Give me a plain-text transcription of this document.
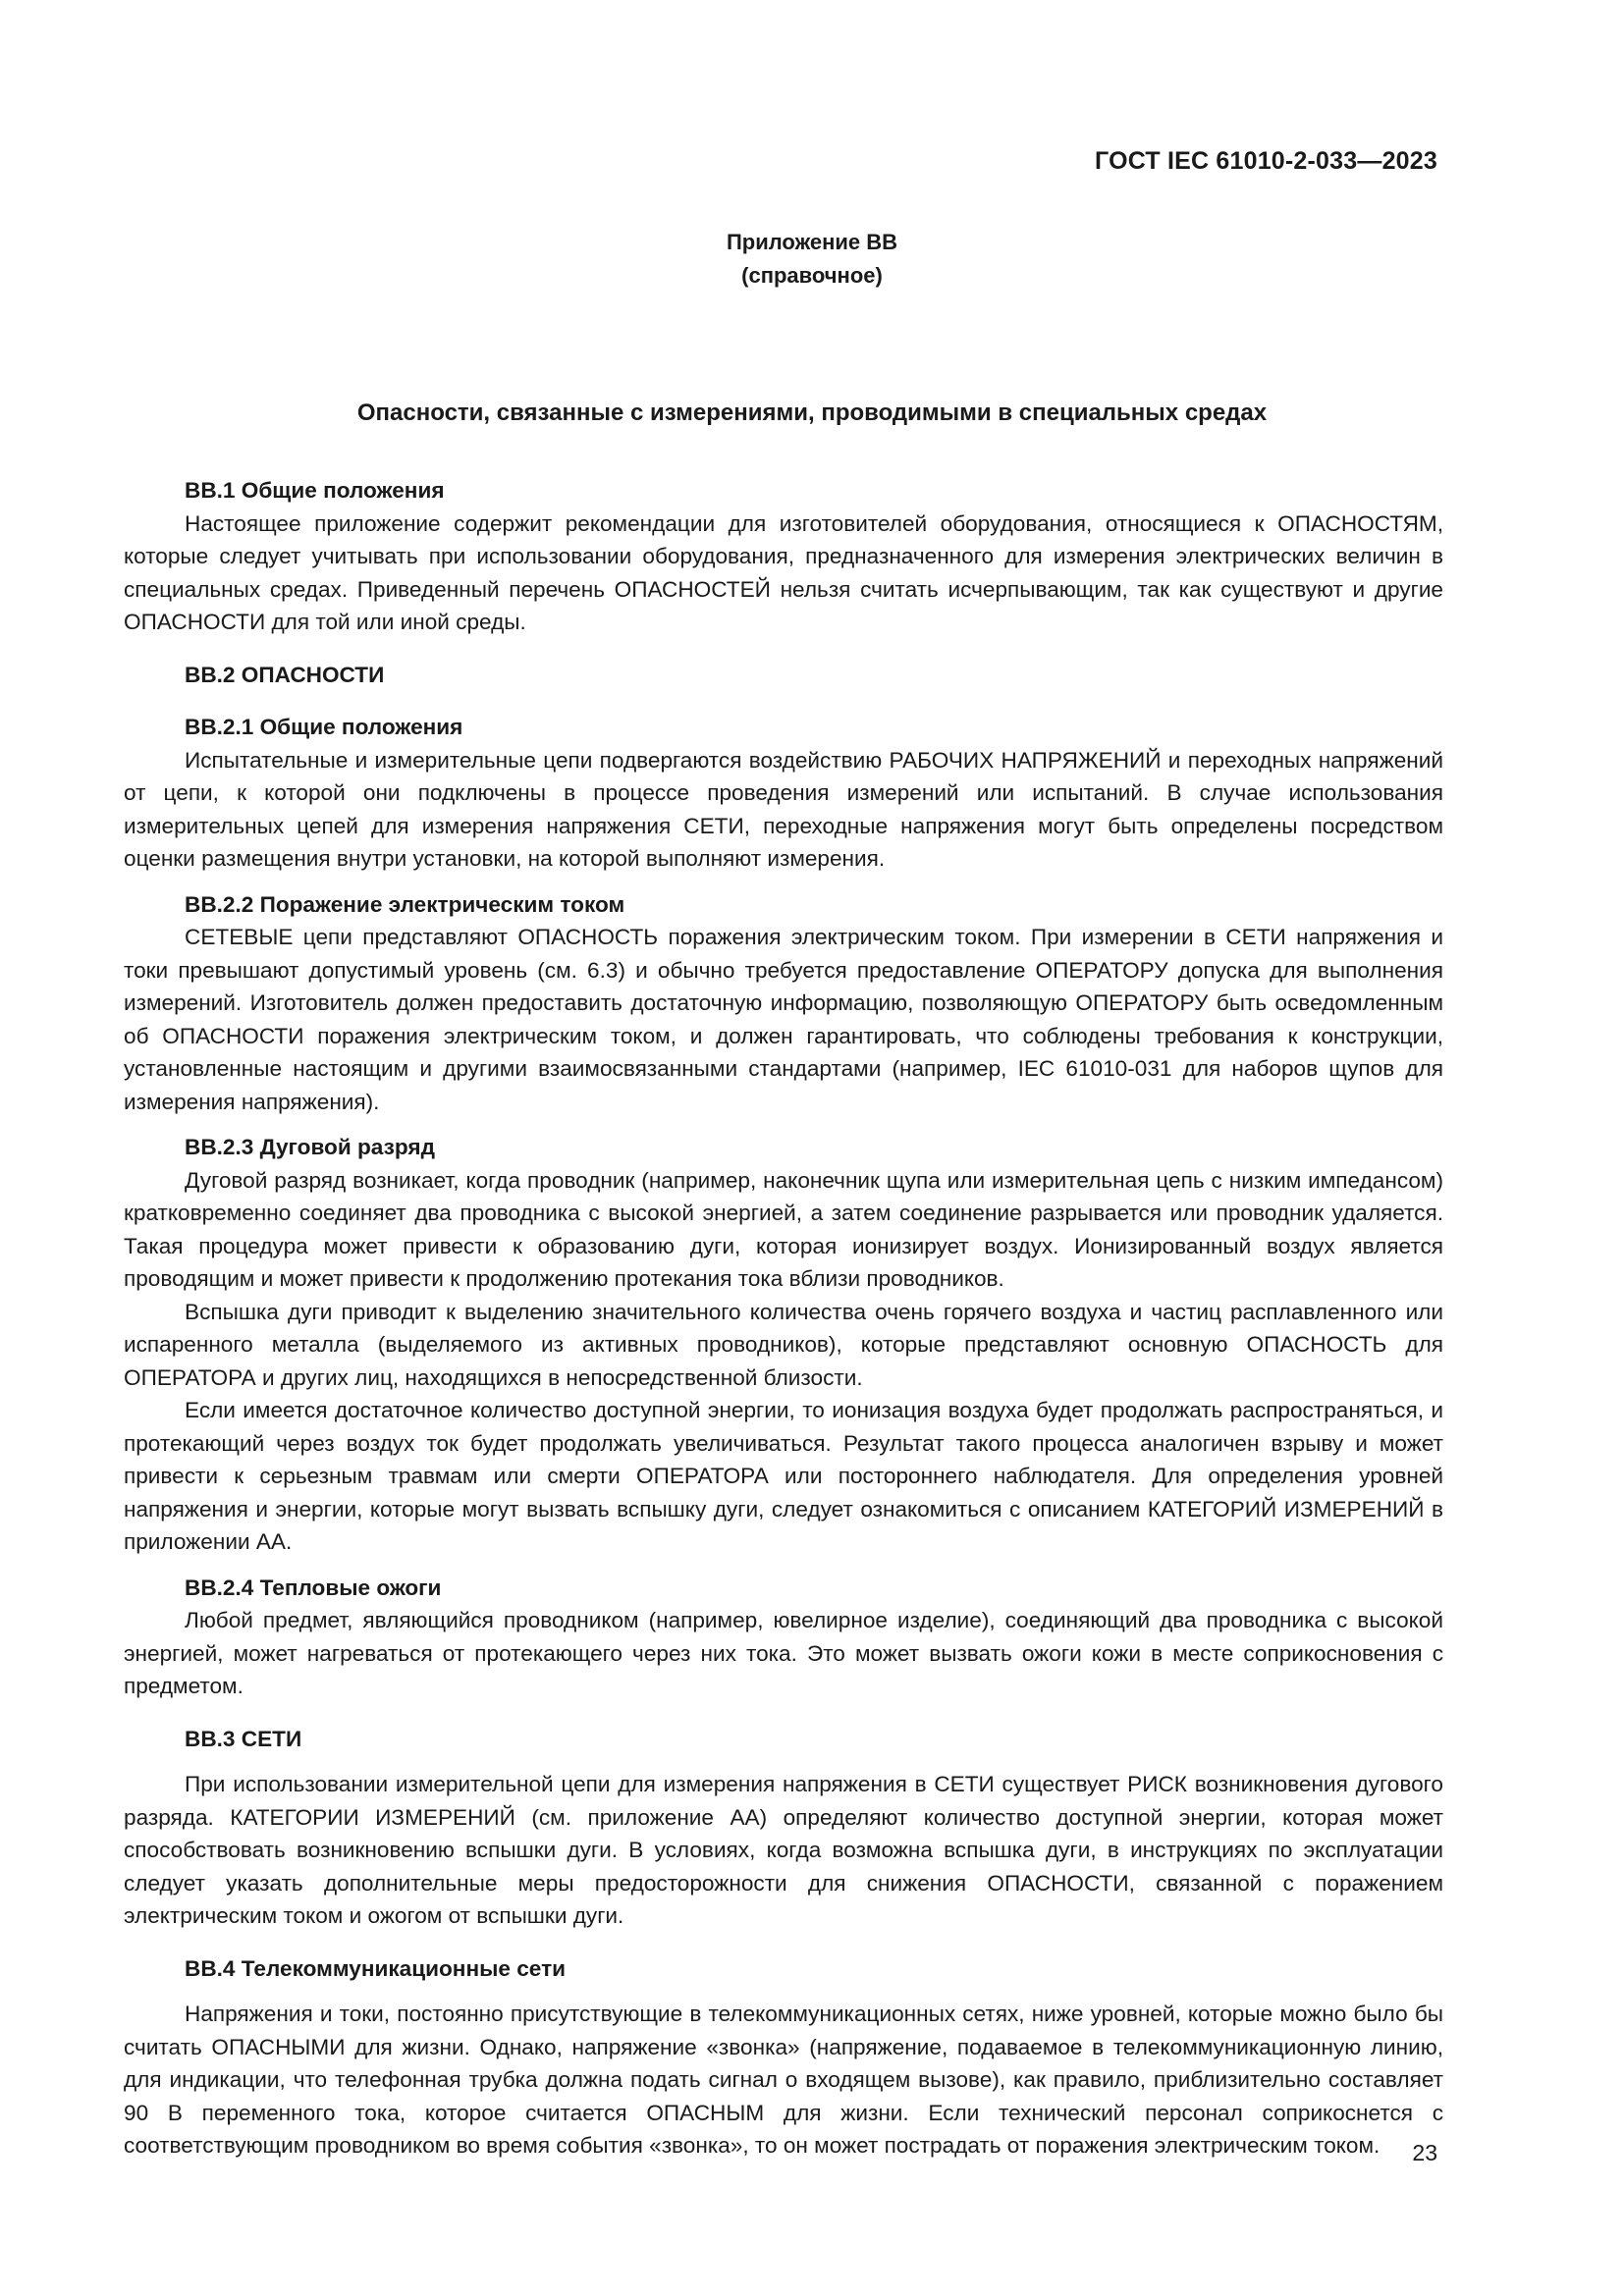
ГОСТ IEC 61010-2-033—2023
Приложение ВВ
(справочное)
Опасности, связанные с измерениями, проводимыми в специальных средах

ВВ.1 Общие положения

Настоящее приложение содержит рекомендации для изготовителей оборудования, относящиеся к ОПАСНОСТЯМ, которые следует учитывать при использовании оборудования, предназначенного для измерения электрических величин в специальных средах. Приведенный перечень ОПАСНОСТЕЙ нельзя считать исчерпывающим, так как существуют и другие ОПАСНОСТИ для той или иной среды.

ВВ.2 ОПАСНОСТИ

ВВ.2.1 Общие положения

Испытательные и измерительные цепи подвергаются воздействию РАБОЧИХ НАПРЯЖЕНИЙ и переходных напряжений от цепи, к которой они подключены в процессе проведения измерений или испытаний. В случае использования измерительных цепей для измерения напряжения СЕТИ, переходные напряжения могут быть определены посредством оценки размещения внутри установки, на которой выполняют измерения.

ВВ.2.2 Поражение электрическим током

СЕТЕВЫЕ цепи представляют ОПАСНОСТЬ поражения электрическим током. При измерении в СЕТИ напряжения и токи превышают допустимый уровень (см. 6.3) и обычно требуется предоставление ОПЕРАТОРУ допуска для выполнения измерений. Изготовитель должен предоставить достаточную информацию, позволяющую ОПЕРАТОРУ быть осведомленным об ОПАСНОСТИ поражения электрическим током, и должен гарантировать, что соблюдены требования к конструкции, установленные настоящим и другими взаимосвязанными стандартами (например, IEC 61010-031 для наборов щупов для измерения напряжения).

ВВ.2.3 Дуговой разряд

Дуговой разряд возникает, когда проводник (например, наконечник щупа или измерительная цепь с низким импедансом) кратковременно соединяет два проводника с высокой энергией, а затем соединение разрывается или проводник удаляется. Такая процедура может привести к образованию дуги, которая ионизирует воздух. Ионизированный воздух является проводящим и может привести к продолжению протекания тока вблизи проводников.

Вспышка дуги приводит к выделению значительного количества очень горячего воздуха и частиц расплавленного или испаренного металла (выделяемого из активных проводников), которые представляют основную ОПАСНОСТЬ для ОПЕРАТОРА и других лиц, находящихся в непосредственной близости.

Если имеется достаточное количество доступной энергии, то ионизация воздуха будет продолжать распространяться, и протекающий через воздух ток будет продолжать увеличиваться. Результат такого процесса аналогичен взрыву и может привести к серьезным травмам или смерти ОПЕРАТОРА или постороннего наблюдателя. Для определения уровней напряжения и энергии, которые могут вызвать вспышку дуги, следует ознакомиться с описанием КАТЕГОРИЙ ИЗМЕРЕНИЙ в приложении АА.

ВВ.2.4 Тепловые ожоги

Любой предмет, являющийся проводником (например, ювелирное изделие), соединяющий два проводника с высокой энергией, может нагреваться от протекающего через них тока. Это может вызвать ожоги кожи в месте соприкосновения с предметом.

ВВ.3 СЕТИ

При использовании измерительной цепи для измерения напряжения в СЕТИ существует РИСК возникновения дугового разряда. КАТЕГОРИИ ИЗМЕРЕНИЙ (см. приложение АА) определяют количество доступной энергии, которая может способствовать возникновению вспышки дуги. В условиях, когда возможна вспышка дуги, в инструкциях по эксплуатации следует указать дополнительные меры предосторожности для снижения ОПАСНОСТИ, связанной с поражением электрическим током и ожогом от вспышки дуги.

ВВ.4 Телекоммуникационные сети

Напряжения и токи, постоянно присутствующие в телекоммуникационных сетях, ниже уровней, которые можно было бы считать ОПАСНЫМИ для жизни. Однако, напряжение «звонка» (напряжение, подаваемое в телекоммуникационную линию, для индикации, что телефонная трубка должна подать сигнал о входящем вызове), как правило, приблизительно составляет 90 В переменного тока, которое считается ОПАСНЫМ для жизни. Если технический персонал соприкоснется с соответствующим проводником во время события «звонка», то он может пострадать от поражения электрическим током.	23
